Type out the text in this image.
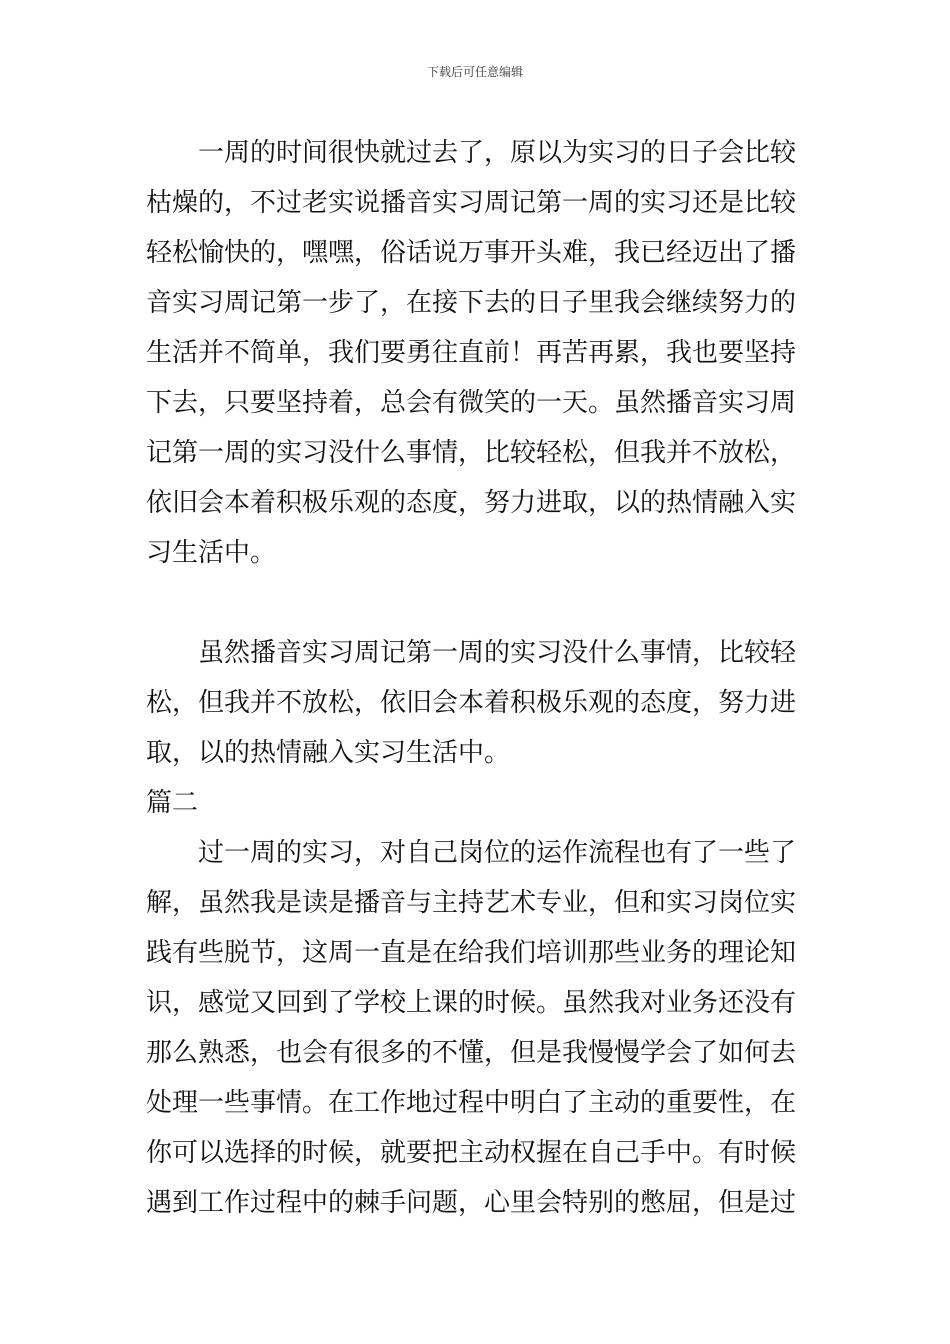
下载后可任意编辑
一周的时间很快就过去了，原以为实习的日子会比较
枯燥的，不过老实说播音实习周记第一周的实习还是比较
轻松愉快的，嘿嘿，俗话说万事开头难，我已经迈出了播
音实习周记第一步了，在接下去的日子里我会继续努力的
生活并不简单，我们要勇往直前！再苦再累，我也要坚持
下去，只要坚持着，总会有微笑的一天。虽然播音实习周
记第一周的实习没什么事情，比较轻松，但我并不放松，
依旧会本着积极乐观的态度，努力进取，以的热情融入实
习生活中。
虽然播音实习周记第一周的实习没什么事情，比较轻
松，但我并不放松，依旧会本着积极乐观的态度，努力进
取，以的热情融入实习生活中。
篇二
过一周的实习，对自己岗位的运作流程也有了一些了
解，虽然我是读是播音与主持艺术专业，但和实习岗位实
践有些脱节，这周一直是在给我们培训那些业务的理论知
识，感觉又回到了学校上课的时候。虽然我对业务还没有
那么熟悉，也会有很多的不懂，但是我慢慢学会了如何去
处理一些事情。在工作地过程中明白了主动的重要性，在
你可以选择的时候，就要把主动权握在自己手中。有时候
遇到工作过程中的棘手问题，心里会特别的憋屈，但是过
